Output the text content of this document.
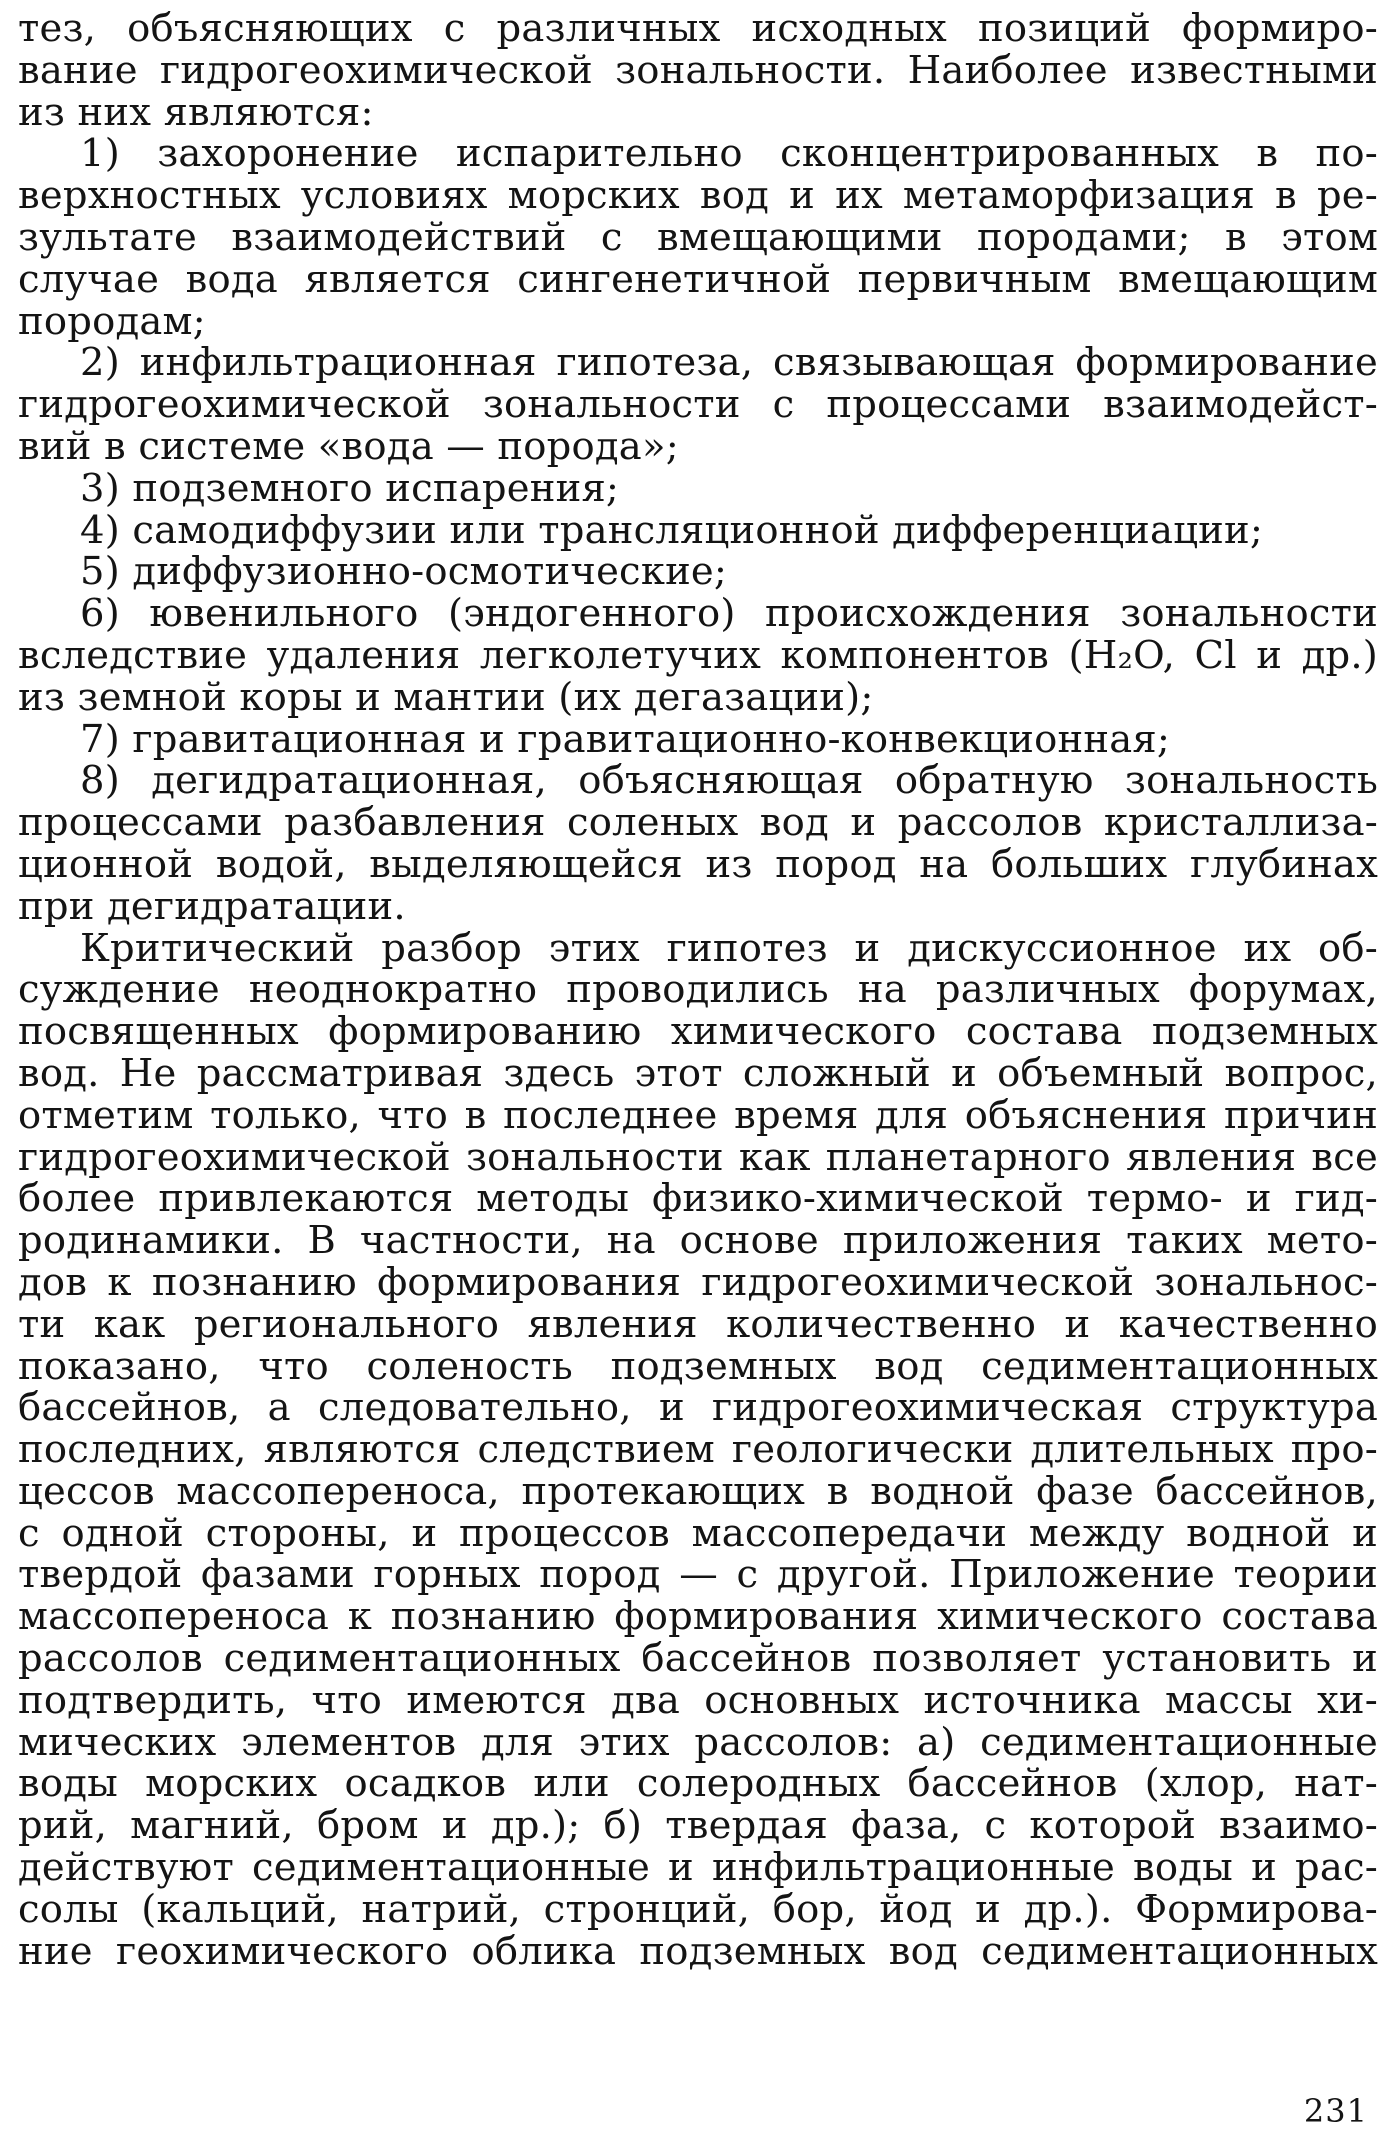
тез, объясняющих с различных исходных позиций формиро-
вание гидрогеохимической зональности. Наиболее известными
из них являются:
1) захоронение испарительно сконцентрированных в по-
верхностных условиях морских вод и их метаморфизация в ре-
зультате взаимодействий с вмещающими породами; в этом
случае вода является сингенетичной первичным вмещающим
породам;
2) инфильтрационная гипотеза, связывающая формирование
гидрогеохимической зональности с процессами взаимодейст-
вий в системе «вода — порода»;
3) подземного испарения;
4) самодиффузии или трансляционной дифференциации;
5) диффузионно-осмотические;
6) ювенильного (эндогенного) происхождения зональности
вследствие удаления легколетучих компонентов (H₂O, Cl и др.)
из земной коры и мантии (их дегазации);
7) гравитационная и гравитационно-конвекционная;
8) дегидратационная, объясняющая обратную зональность
процессами разбавления соленых вод и рассолов кристаллиза-
ционной водой, выделяющейся из пород на больших глубинах
при дегидратации.
Критический разбор этих гипотез и дискуссионное их об-
суждение неоднократно проводились на различных форумах,
посвященных формированию химического состава подземных
вод. Не рассматривая здесь этот сложный и объемный вопрос,
отметим только, что в последнее время для объяснения причин
гидрогеохимической зональности как планетарного явления все
более привлекаются методы физико-химической термо- и гид-
родинамики. В частности, на основе приложения таких мето-
дов к познанию формирования гидрогеохимической зональнос-
ти как регионального явления количественно и качественно
показано, что соленость подземных вод седиментационных
бассейнов, а следовательно, и гидрогеохимическая структура
последних, являются следствием геологически длительных про-
цессов массопереноса, протекающих в водной фазе бассейнов,
с одной стороны, и процессов массопередачи между водной и
твердой фазами горных пород — с другой. Приложение теории
массопереноса к познанию формирования химического состава
рассолов седиментационных бассейнов позволяет установить и
подтвердить, что имеются два основных источника массы хи-
мических элементов для этих рассолов: а) седиментационные
воды морских осадков или солеродных бассейнов (хлор, нат-
рий, магний, бром и др.); б) твердая фаза, с которой взаимо-
действуют седиментационные и инфильтрационные воды и рас-
солы (кальций, натрий, стронций, бор, йод и др.). Формирова-
ние геохимического облика подземных вод седиментационных
231
